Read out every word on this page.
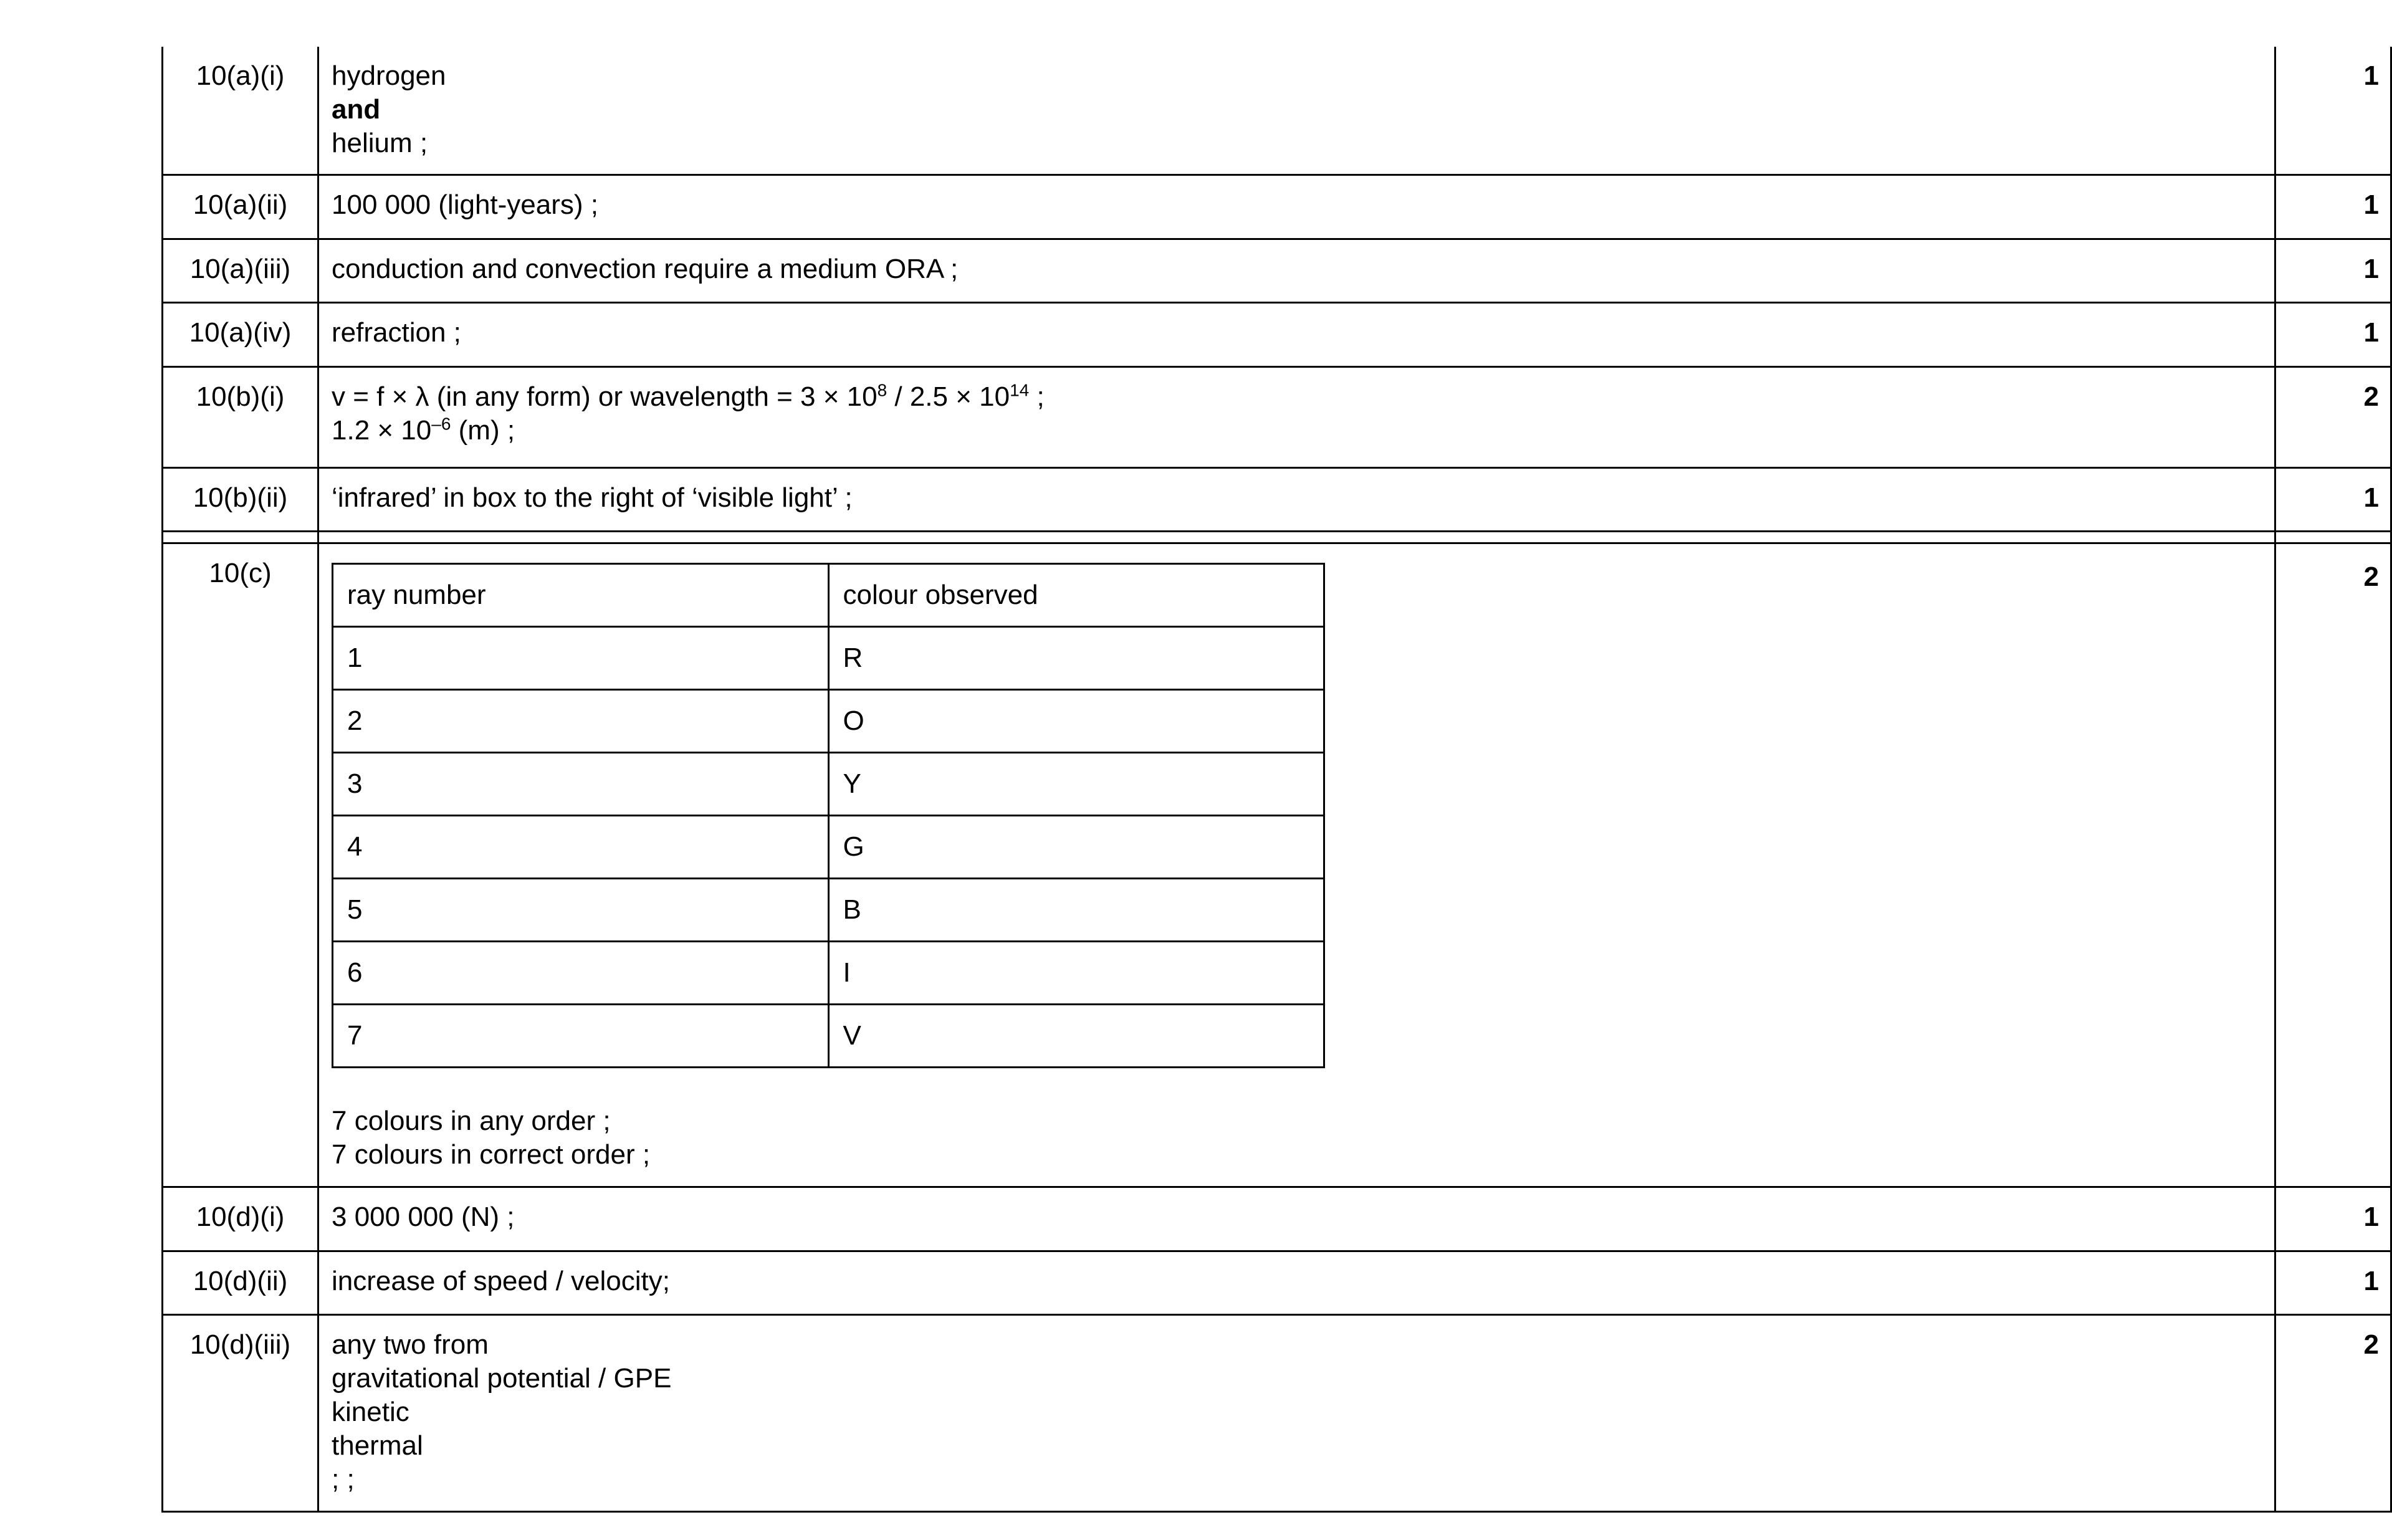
10(a)(i)	hydrogen
and
helium ;
	1
10(a)(ii)	100 000 (light-years) ;	1
10(a)(iii)	conduction and convection require a medium ORA ;	1
10(a)(iv)	refraction ;	1
10(b)(i)	v = f × λ (in any form) or wavelength = $3 \times 10^8 / 2.5 \times 10^{14}$ ;
$1.2 \times 10^{-6}$ (m) ;
	2
10(b)(ii)	‘infrared’ in box to the right of ‘visible light’ ;	1

10(c)	
ray number	colour observed
1	R
2	O
3	Y
4	G
5	B
6	I
7	V
7 colours in any order ;
7 colours in correct order ;
	2
10(d)(i)	3 000 000 (N) ;	1
10(d)(ii)	increase of speed / velocity;	1
10(d)(iii)	any two from
gravitational potential / GPE
kinetic
thermal
; ;
	2
